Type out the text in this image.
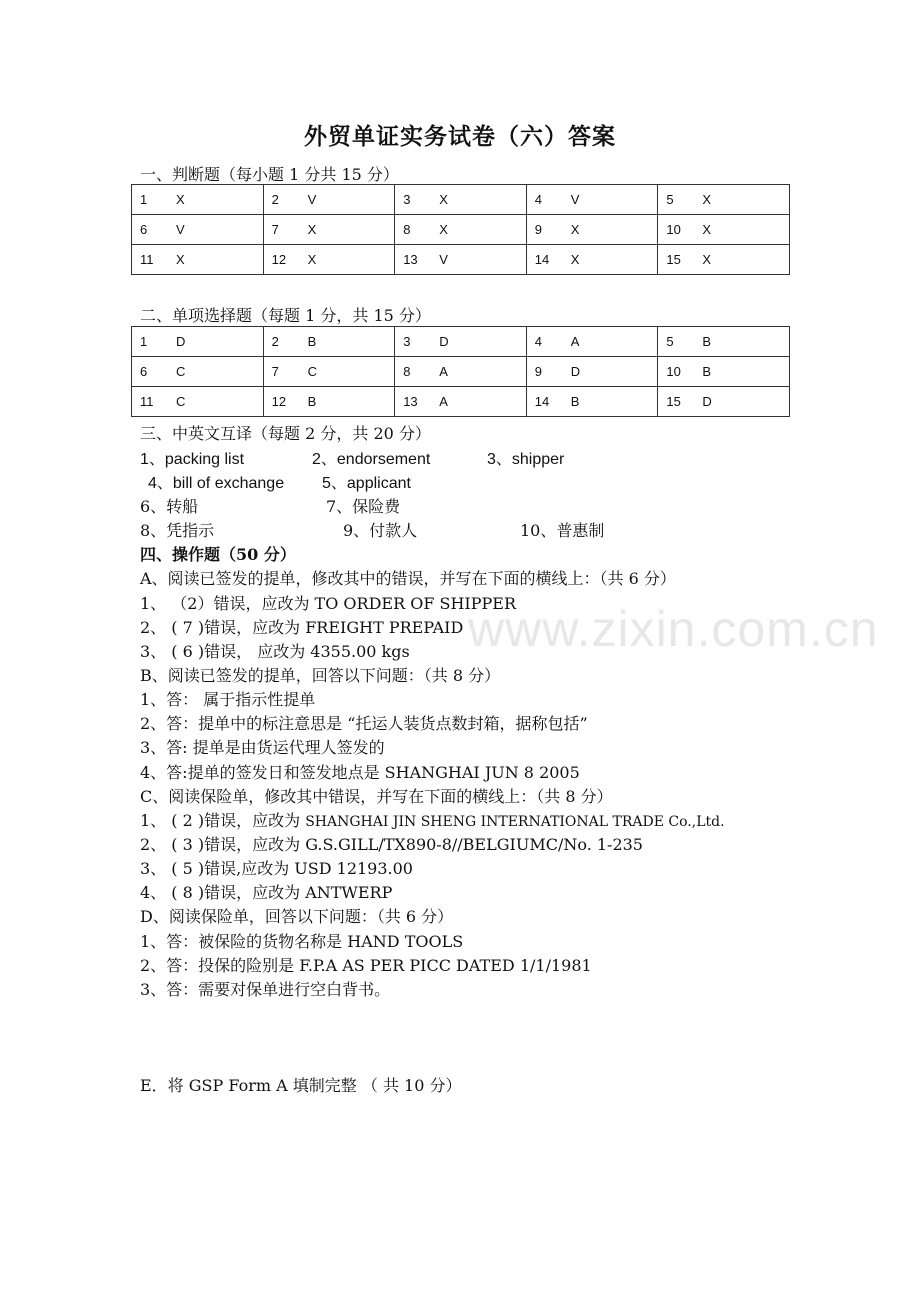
www.zixin.com.cn
外贸单证实务试卷（六）答案
一、判断题（每小题 1 分共 15 分）
1 X	2 V	3 X	4 V	5 X
6 V	7 X	8 X	9 X	10 X
11 X	12 X	13 V	14 X	15 X
二、单项选择题（每题 1 分，共 15 分）
1 D	2 B	3 D	4 A	5 B
6 C	7 C	8 A	9 D	10 B
11 C	12 B	13 A	14 B	15 D
三、中英文互译（每题 2 分，共 20 分）
1、packing list	2、endorsement	3、shipper
4、bill of exchange 5、applicant
6、转船	7、保险费
8、凭指示	9、付款人	10、普惠制
四、操作题（50 分）
A、阅读已签发的提单，修改其中的错误，并写在下面的横线上：（共 6 分）
1、 （2）错误，应改为 TO ORDER OF SHIPPER
2、 ( 7 )错误，应改为 FREIGHT PREPAID
3、 ( 6 )错误， 应改为 4355.00 kgs
B、阅读已签发的提单，回答以下问题：（共 8 分）
1、答： 属于指示性提单
2、答：提单中的标注意思是 “托运人装货点数封箱，据称包括”
3、答: 提单是由货运代理人签发的
4、答:提单的签发日和签发地点是 SHANGHAI JUN 8 2005
C、阅读保险单，修改其中错误，并写在下面的横线上：（共 8 分）
1、 ( 2 )错误，应改为 SHANGHAI JIN SHENG INTERNATIONAL TRADE Co.,Ltd.
2、 ( 3 )错误，应改为 G.S.GILL/TX890-8//BELGIUMC/No. 1-235
3、 ( 5 )错误,应改为 USD 12193.00
4、 ( 8 )错误，应改为 ANTWERP
D、阅读保险单，回答以下问题：（共 6 分）
1、答：被保险的货物名称是 HAND TOOLS
2、答：投保的险别是 F.P.A AS PER PICC DATED 1/1/1981
3、答：需要对保单进行空白背书。
E．将 GSP Form A 填制完整 （ 共 10 分）
